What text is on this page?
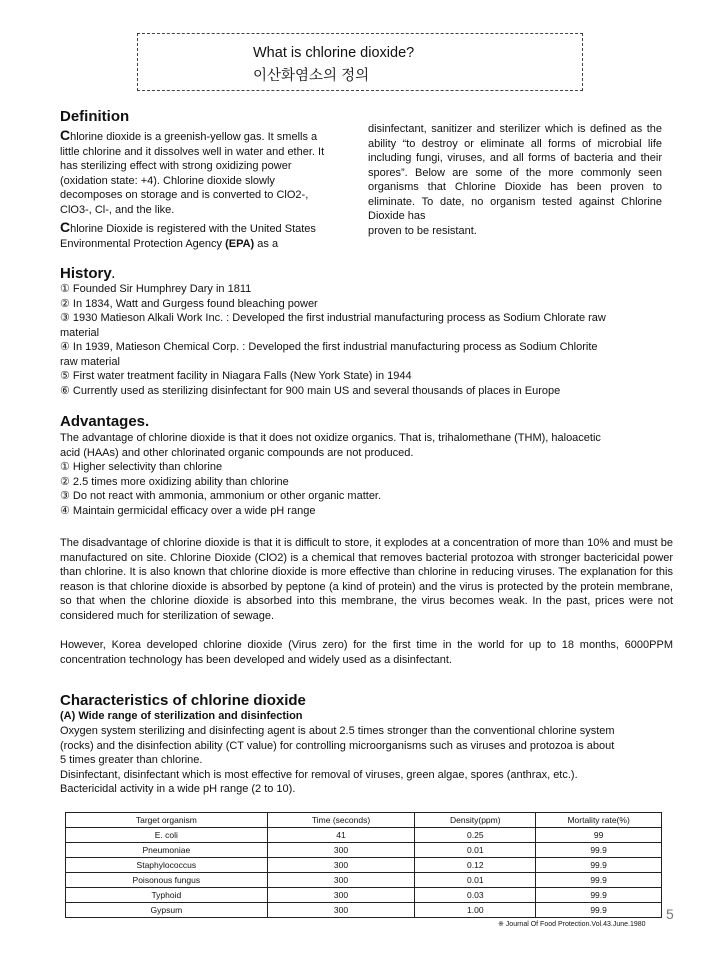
What is chlorine dioxide?
이산화염소의 정의
Definition
Chlorine dioxide is a greenish-yellow gas. It smells a
little chlorine and it dissolves well in water and ether. It
has sterilizing effect with strong oxidizing power
(oxidation state: +4). Chlorine dioxide slowly
decomposes on storage and is converted to ClO2-,
ClO3-, Cl-, and the like.
Chlorine Dioxide is registered with the United States
Environmental Protection Agency (EPA) as a
disinfectant, sanitizer and sterilizer which is defined as the ability “to destroy or eliminate all forms of microbial life including fungi, viruses, and all forms of bacteria and their spores”. Below are some of the more commonly seen organisms that Chlorine Dioxide has been proven to eliminate. To date, no organism tested against Chlorine Dioxide has
proven to be resistant.
History.
① Founded Sir Humphrey Dary in 1811
② In 1834, Watt and Gurgess found bleaching power
③ 1930 Matieson Alkali Work Inc. : Developed the first industrial manufacturing process as Sodium Chlorate raw
material
④ In 1939, Matieson Chemical Corp. : Developed the first industrial manufacturing process as Sodium Chlorite
raw material
⑤ First water treatment facility in Niagara Falls (New York State) in 1944
⑥ Currently used as sterilizing disinfectant for 900 main US and several thousands of places in Europe
Advantages.
The advantage of chlorine dioxide is that it does not oxidize organics. That is, trihalomethane (THM), haloacetic
acid (HAAs) and other chlorinated organic compounds are not produced.
① Higher selectivity than chlorine
② 2.5 times more oxidizing ability than chlorine
③ Do not react with ammonia, ammonium or other organic matter.
④ Maintain germicidal efficacy over a wide pH range
The disadvantage of chlorine dioxide is that it is difficult to store, it explodes at a concentration of more than 10% and must be manufactured on site. Chlorine Dioxide (ClO2) is a chemical that removes bacterial protozoa with stronger bactericidal power than chlorine. It is also known that chlorine dioxide is more effective than chlorine in reducing viruses. The explanation for this reason is that chlorine dioxide is absorbed by peptone (a kind of protein) and the virus is protected by the protein membrane, so that when the chlorine dioxide is absorbed into this membrane, the virus becomes weak. In the past, prices were not considered much for sterilization of sewage.
However, Korea developed chlorine dioxide (Virus zero) for the first time in the world for up to 18 months, 6000PPM concentration technology has been developed and widely used as a disinfectant.
Characteristics of chlorine dioxide
(A) Wide range of sterilization and disinfection
Oxygen system sterilizing and disinfecting agent is about 2.5 times stronger than the conventional chlorine system
(rocks) and the disinfection ability (CT value) for controlling microorganisms such as viruses and protozoa is about
5 times greater than chlorine.
Disinfectant, disinfectant which is most effective for removal of viruses, green algae, spores (anthrax, etc.).
Bactericidal activity in a wide pH range (2 to 10).
Target organism	Time (seconds)	Density(ppm)	Mortality rate(%)
E. coli	41	0.25	99
Pneumoniae	300	0.01	99.9
Staphylococcus	300	0.12	99.9
Poisonous fungus	300	0.01	99.9
Typhoid	300	0.03	99.9
Gypsum	300	1.00	99.9	5
※ Journal Of Food Protection.Vol.43.June.1980
